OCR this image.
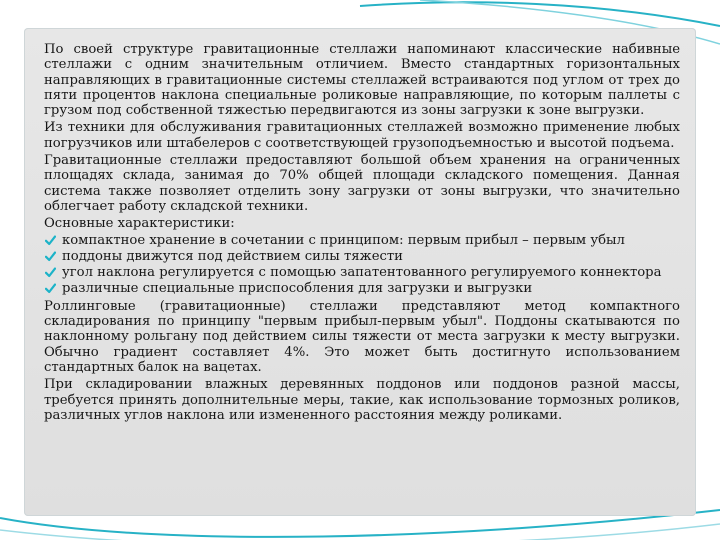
По своей структуре гравитационные стеллажи напоминают классические набивные стеллажи с одним значительным отличием. Вместо стандартных горизонтальных направляющих в гравитационные системы стеллажей встраиваются под углом от трех до пяти процентов наклона специальные роликовые направляющие, по которым паллеты с грузом под собственной тяжестью передвигаются из зоны загрузки к зоне выгрузки.

Из техники для обслуживания гравитационных стеллажей возможно применение любых погрузчиков или штабелеров с соответствующей грузоподъемностью и высотой подъема.

Гравитационные стеллажи предоставляют большой объем хранения на ограниченных площадях склада, занимая до 70% общей площади складского помещения. Данная система также позволяет отделить зону загрузки от зоны выгрузки, что значительно облегчает работу складской техники.

Основные характеристики:

компактное хранение в сочетании с принципом: первым прибыл – первым убыл
поддоны движутся под действием силы тяжести
угол наклона регулируется с помощью запатентованного регулируемого коннектора
различные специальные приспособления для загрузки и выгрузки

Роллинговые (гравитационные) стеллажи представляют метод компактного складирования по принципу "первым прибыл-первым убыл". Поддоны скатываются по наклонному рольгану под действием силы тяжести от места загрузки к месту выгрузки. Обычно градиент составляет 4%. Это может быть достигнуто использованием стандартных балок на вацетах.

При складировании влажных деревянных поддонов или поддонов разной массы, требуется принять дополнительные меры, такие, как использование тормозных роликов, различных углов наклона или измененного расстояния между роликами.
